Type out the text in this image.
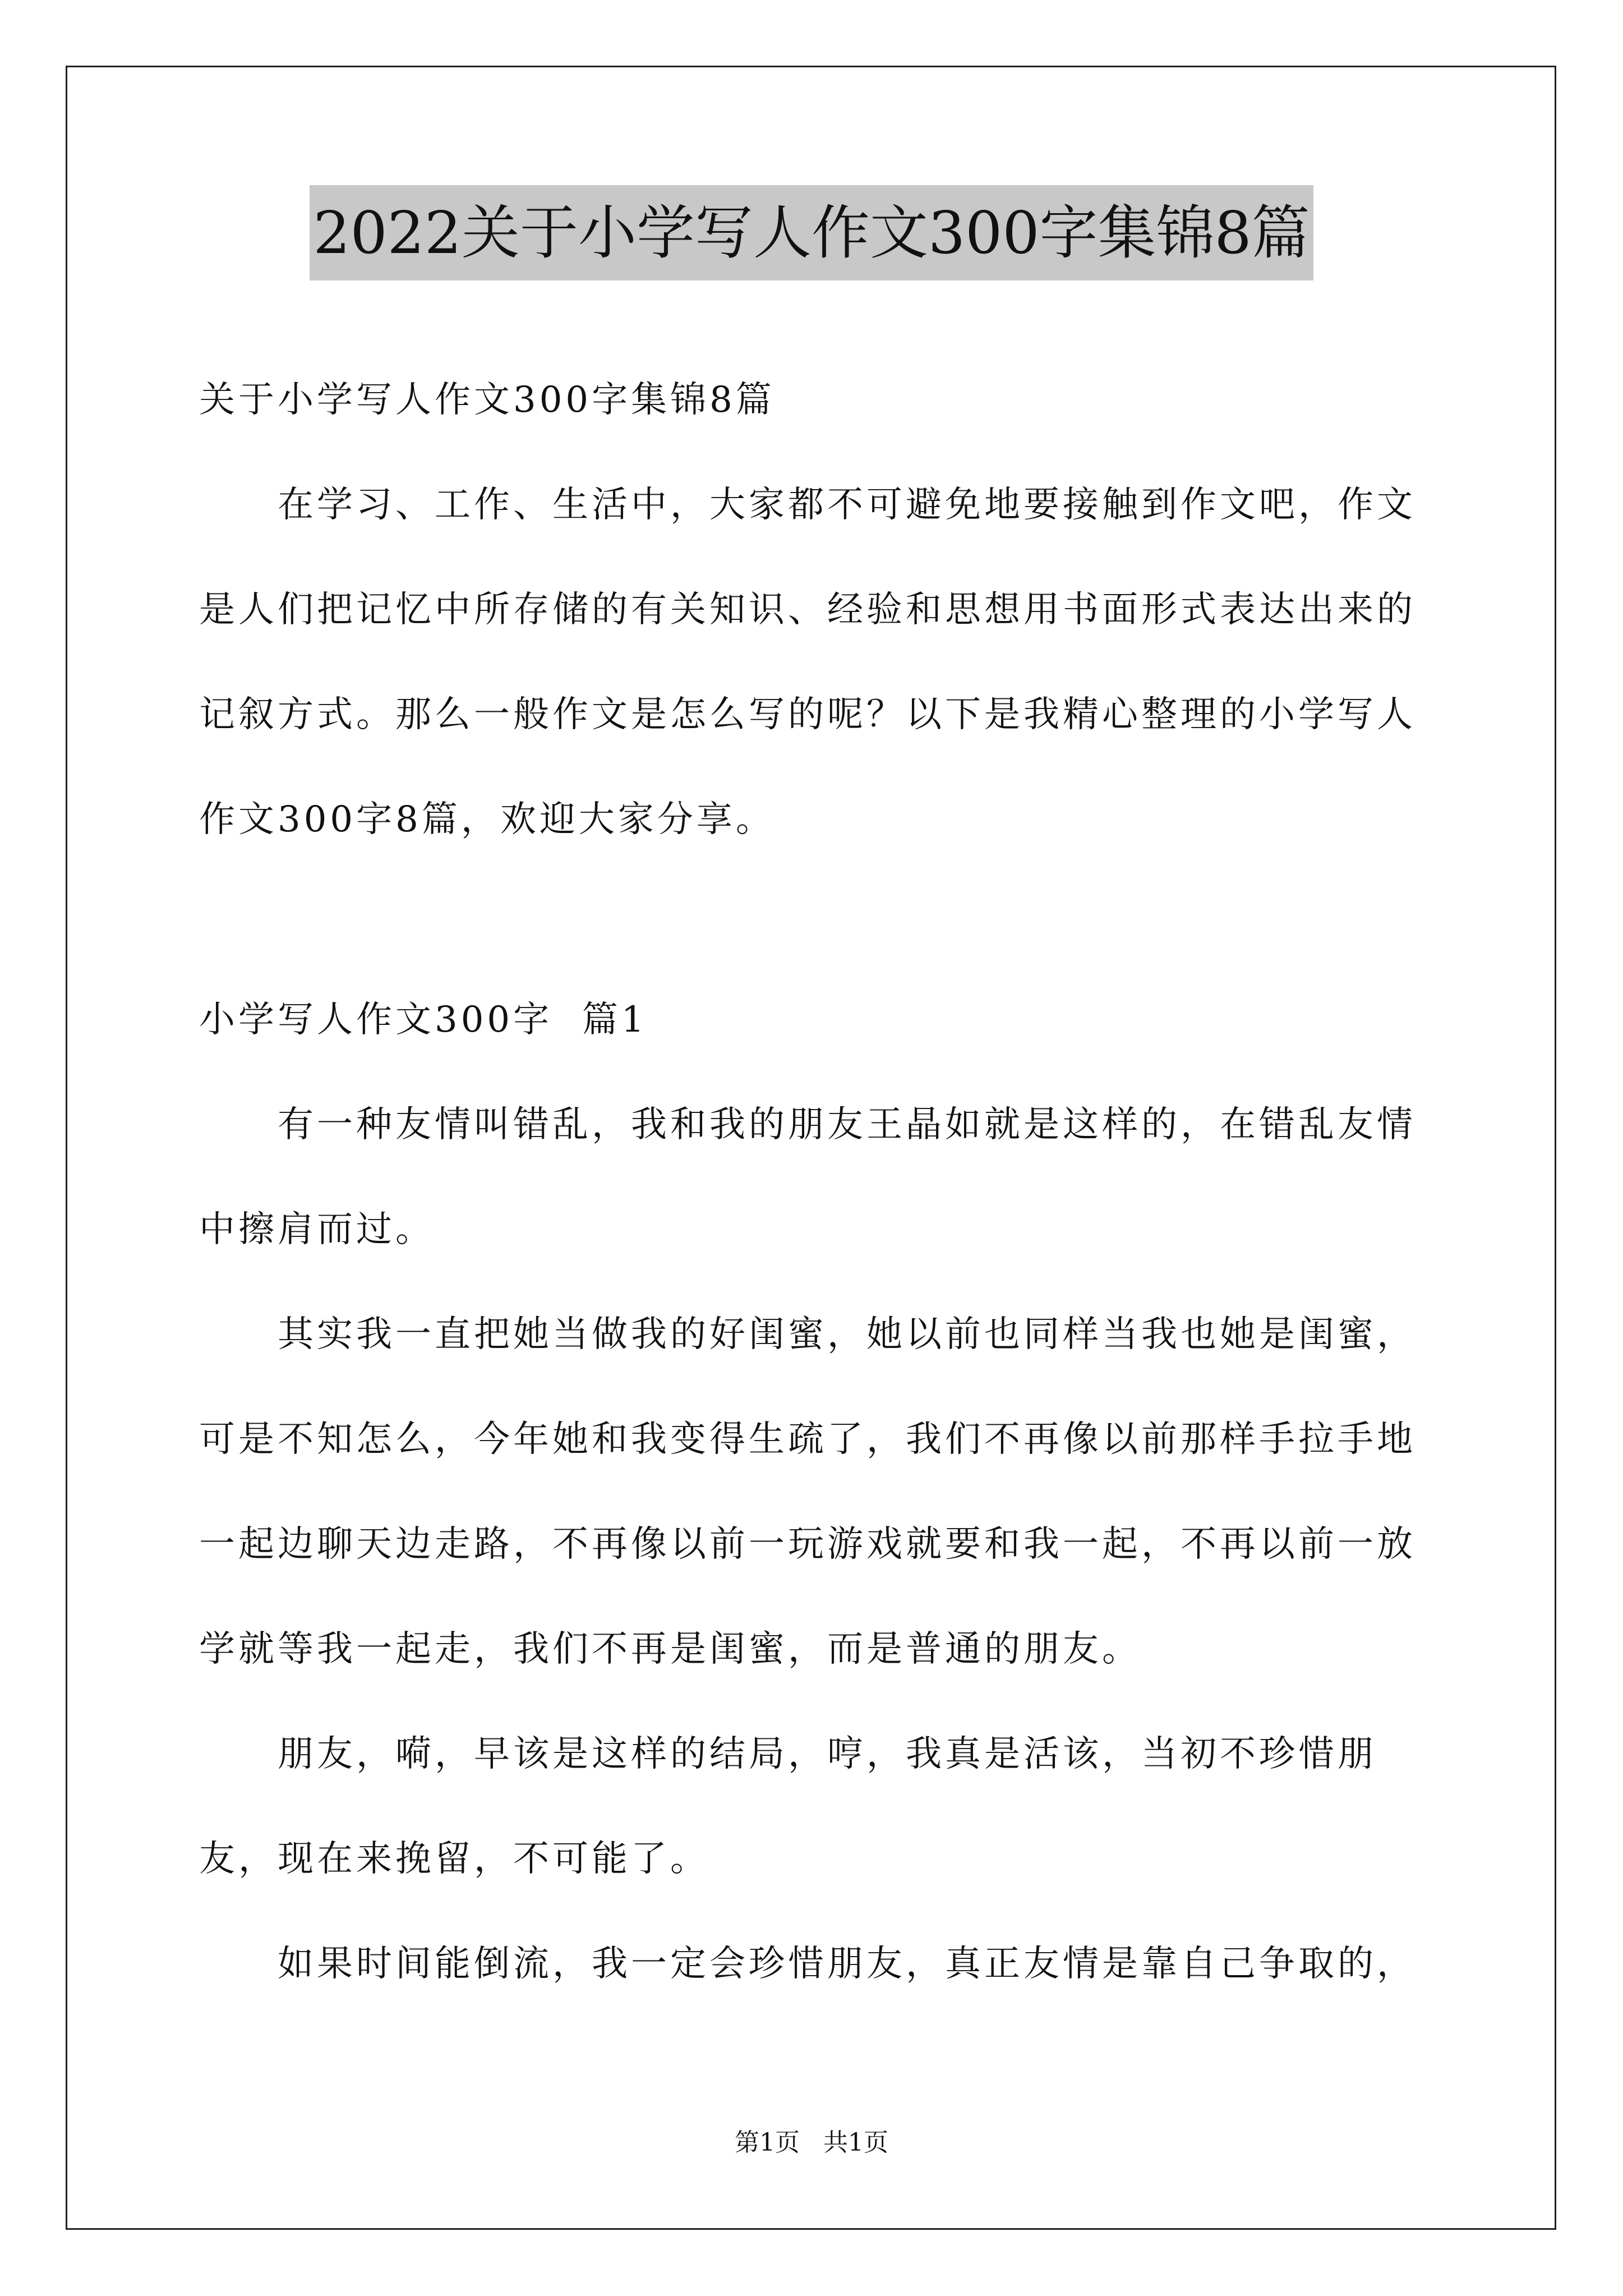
2022关于小学写人作文300字集锦8篇

关于小学写人作文300字集锦8篇

在学习、工作、生活中，大家都不可避免地要接触到作文吧，作文是人们把记忆中所存储的有关知识、经验和思想用书面形式表达出来的记叙方式。那么一般作文是怎么写的呢？以下是我精心整理的小学写人作文300字8篇，欢迎大家分享。

小学写人作文300字  篇1

有一种友情叫错乱，我和我的朋友王晶如就是这样的，在错乱友情中擦肩而过。

其实我一直把她当做我的好闺蜜，她以前也同样当我也她是闺蜜，可是不知怎么，今年她和我变得生疏了，我们不再像以前那样手拉手地一起边聊天边走路，不再像以前一玩游戏就要和我一起，不再以前一放学就等我一起走，我们不再是闺蜜，而是普通的朋友。

朋友，嗬，早该是这样的结局，哼，我真是活该，当初不珍惜朋友，现在来挽留，不可能了。

如果时间能倒流，我一定会珍惜朋友，真正友情是靠自己争取的，

第1页   共1页
